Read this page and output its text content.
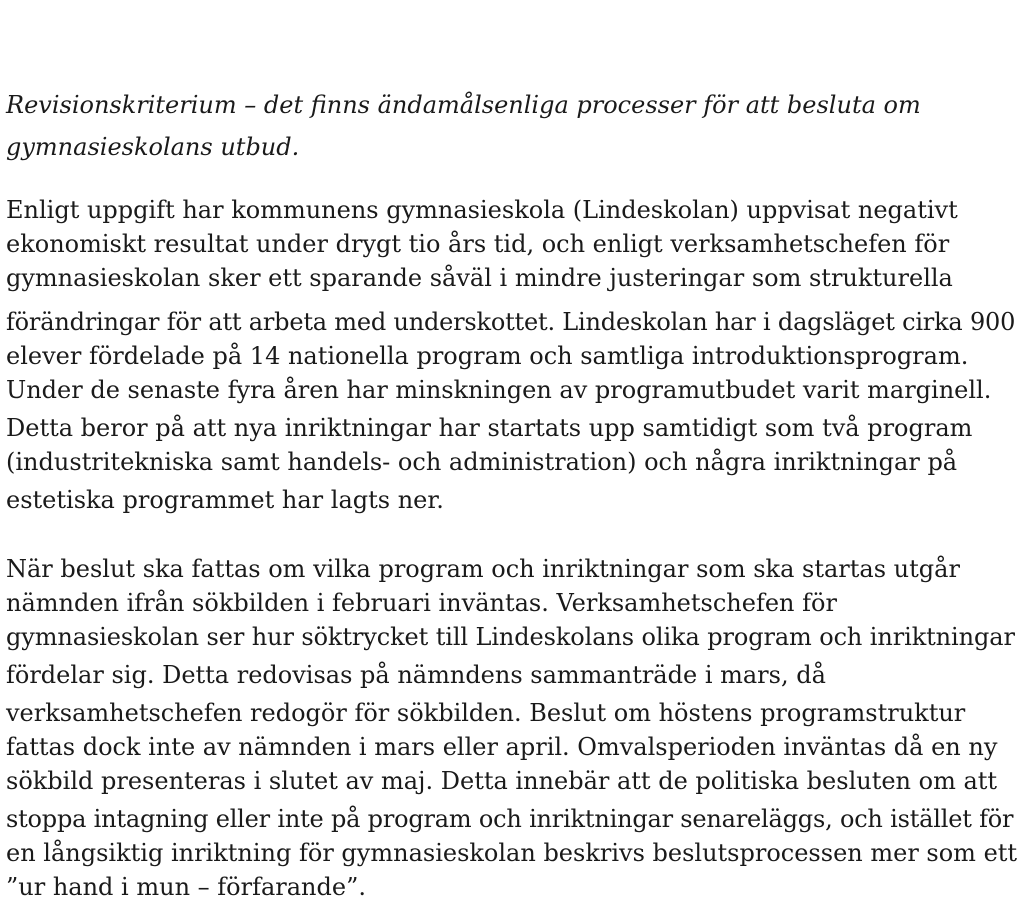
Revisionskriterium – det finns ändamålsenliga processer för att besluta om
gymnasieskolans utbud.
Enligt uppgift har kommunens gymnasieskola (Lindeskolan) uppvisat negativt
ekonomiskt resultat under drygt tio års tid, och enligt verksamhetschefen för
gymnasieskolan sker ett sparande såväl i mindre justeringar som strukturella
förändringar för att arbeta med underskottet. Lindeskolan har i dagsläget cirka 900
elever fördelade på 14 nationella program och samtliga introduktionsprogram.
Under de senaste fyra åren har minskningen av programutbudet varit marginell.
Detta beror på att nya inriktningar har startats upp samtidigt som två program
(industritekniska samt handels- och administration) och några inriktningar på
estetiska programmet har lagts ner.
När beslut ska fattas om vilka program och inriktningar som ska startas utgår
nämnden ifrån sökbilden i februari inväntas. Verksamhetschefen för
gymnasieskolan ser hur söktrycket till Lindeskolans olika program och inriktningar
fördelar sig. Detta redovisas på nämndens sammanträde i mars, då
verksamhetschefen redogör för sökbilden. Beslut om höstens programstruktur
fattas dock inte av nämnden i mars eller april. Omvalsperioden inväntas då en ny
sökbild presenteras i slutet av maj. Detta innebär att de politiska besluten om att
stoppa intagning eller inte på program och inriktningar senareläggs, och istället för
en långsiktig inriktning för gymnasieskolan beskrivs beslutsprocessen mer som ett
”ur hand i mun – förfarande”.
